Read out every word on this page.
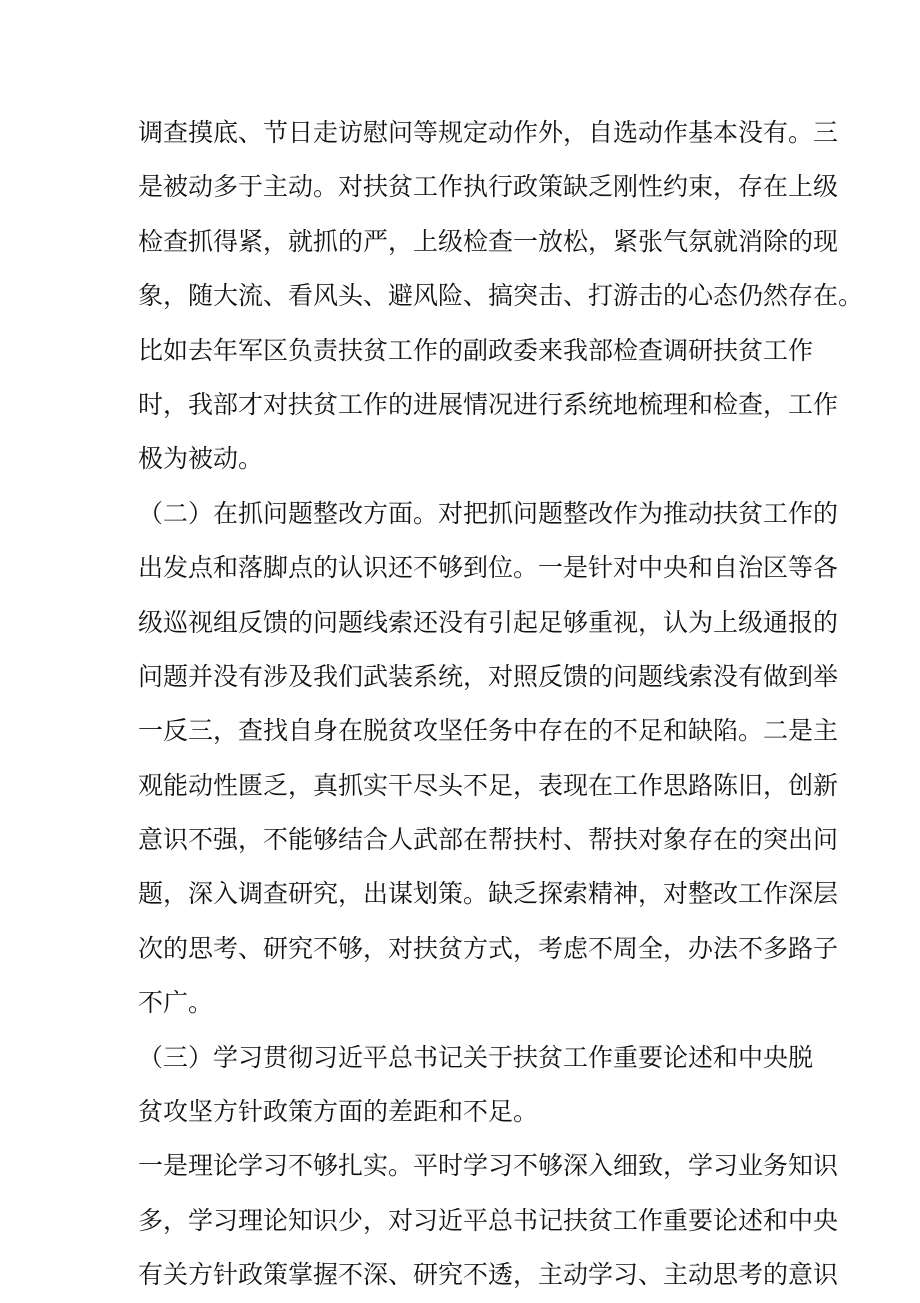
调查摸底、节日走访慰问等规定动作外，自选动作基本没有。三
是被动多于主动。对扶贫工作执行政策缺乏刚性约束，存在上级
检查抓得紧，就抓的严，上级检查一放松，紧张气氛就消除的现
象，随大流、看风头、避风险、搞突击、打游击的心态仍然存在。
比如去年军区负责扶贫工作的副政委来我部检查调研扶贫工作
时，我部才对扶贫工作的进展情况进行系统地梳理和检查，工作
极为被动。
（二）在抓问题整改方面。对把抓问题整改作为推动扶贫工作的
出发点和落脚点的认识还不够到位。一是针对中央和自治区等各
级巡视组反馈的问题线索还没有引起足够重视，认为上级通报的
问题并没有涉及我们武装系统，对照反馈的问题线索没有做到举
一反三，查找自身在脱贫攻坚任务中存在的不足和缺陷。二是主
观能动性匮乏，真抓实干尽头不足，表现在工作思路陈旧，创新
意识不强，不能够结合人武部在帮扶村、帮扶对象存在的突出问
题，深入调查研究，出谋划策。缺乏探索精神，对整改工作深层
次的思考、研究不够，对扶贫方式，考虑不周全，办法不多路子
不广。
（三）学习贯彻习近平总书记关于扶贫工作重要论述和中央脱
贫攻坚方针政策方面的差距和不足。
一是理论学习不够扎实。平时学习不够深入细致，学习业务知识
多，学习理论知识少，对习近平总书记扶贫工作重要论述和中央
有关方针政策掌握不深、研究不透，主动学习、主动思考的意识
